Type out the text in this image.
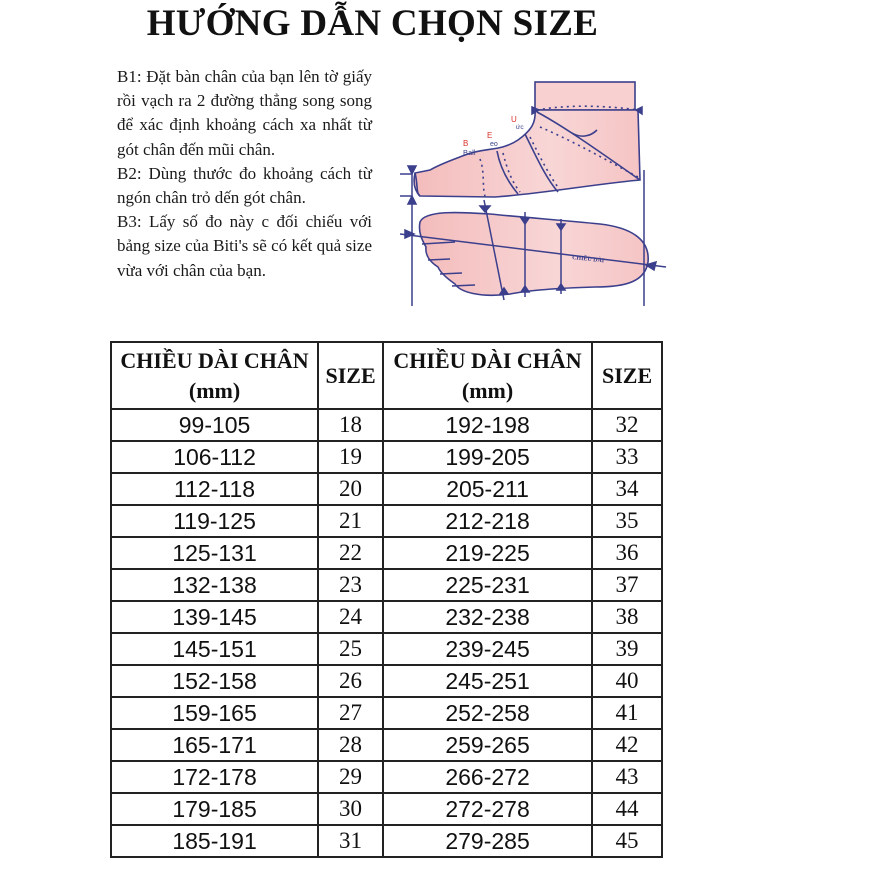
HƯỚNG DẪN CHỌN SIZE

B1: Đặt bàn chân của bạn lên tờ giấy rồi vạch ra 2 đường thẳng song song để xác định khoảng cách xa nhất từ gót chân đến mũi chân.

B2: Dùng thước đo khoảng cách từ ngón chân trỏ dến gót chân.

B3: Lấy số đo này c đối chiếu với bảng size của Biti's sẽ có kết quả size vừa với chân của bạn.

B
Ball
E
eo
U
ức
CHIỀU DÀI
CHIỀU DÀI CHÂN
(mm)
	SIZE	
CHIỀU DÀI CHÂN
(mm)
	SIZE
99-105	18	192-198	32
106-112	19	199-205	33
112-118	20	205-211	34
119-125	21	212-218	35
125-131	22	219-225	36
132-138	23	225-231	37
139-145	24	232-238	38
145-151	25	239-245	39
152-158	26	245-251	40
159-165	27	252-258	41
165-171	28	259-265	42
172-178	29	266-272	43
179-185	30	272-278	44
185-191	31	279-285	45
